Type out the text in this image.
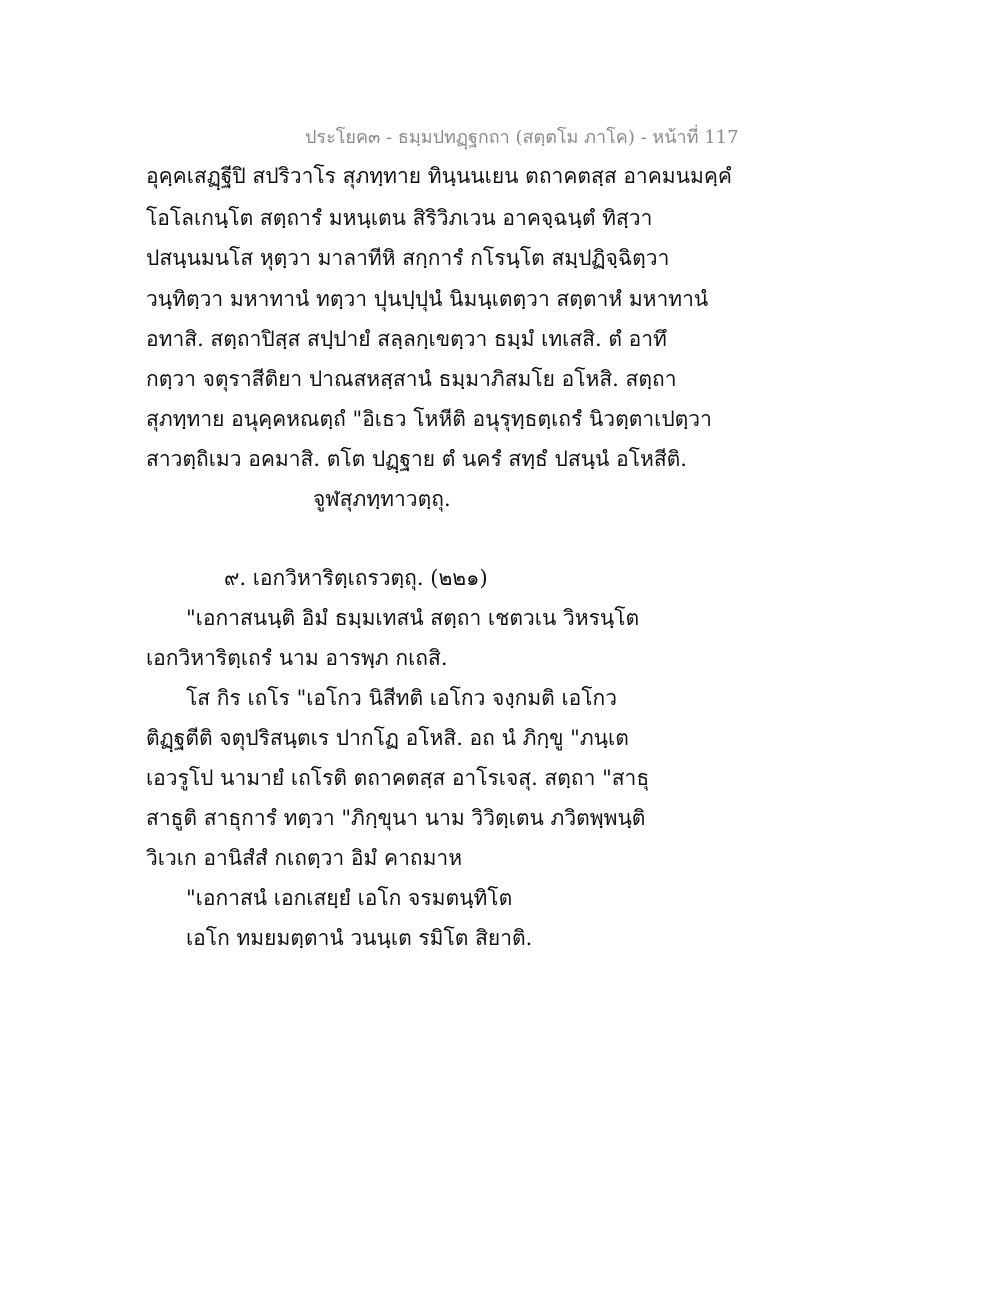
ประโยค๓ - ธมฺมปทฏฺฐกถา (สตฺตโม ภาโค) - หน้าที่ 117
อุคฺคเสฏฺฐีปิ สปริวาโร สุภทฺทาย ทินฺนนเยน ตถาคตสฺส อาคมนมคฺคํ
โอโลเกนฺโต สตฺถารํ มหนฺเตน สิริวิภเวน อาคจฺฉนฺตํ ทิสฺวา
ปสนฺนมนโส หุตฺวา มาลาทีหิ สกฺการํ กโรนฺโต สมฺปฏิจฺฉิตฺวา
วนฺทิตฺวา มหาทานํ ทตฺวา ปุนปฺปุนํ นิมนฺเตตฺวา สตฺตาหํ มหาทานํ
อทาสิ. สตฺถาปิสฺส สปฺปายํ สลฺลกฺเขตฺวา ธมฺมํ เทเสสิ. ตํ อาทึ
กตฺวา จตุราสีติยา ปาณสหสฺสานํ ธมฺมาภิสมโย อโหสิ. สตฺถา
สุภทฺทาย อนุคฺคหณตฺถํ "อิเธว โหหีติ อนุรุทฺธตฺเถรํ นิวตฺตาเปตฺวา
สาวตฺถิเมว อคมาสิ. ตโต ปฏฺฐาย ตํ นครํ สทฺธํ ปสนฺนํ อโหสีติ.
จูฬสุภทฺทาวตฺถุ.
๙. เอกวิหาริตฺเถรวตฺถุ. (๒๒๑)
"เอกาสนนฺติ อิมํ ธมฺมเทสนํ สตฺถา เชตวเน วิหรนฺโต
เอกวิหาริตฺเถรํ นาม อารพฺภ กเถสิ.
โส กิร เถโร "เอโกว นิสีทติ เอโกว จงฺกมติ เอโกว
ติฏฺฐตีติ จตุปริสนฺตเร ปากโฏ อโหสิ. อถ นํ ภิกฺขู "ภนฺเต
เอวรูโป นามายํ เถโรติ ตถาคตสฺส อาโรเจสุ. สตฺถา "สาธุ
สาธูติ สาธุการํ ทตฺวา "ภิกฺขุนา นาม วิวิตฺเตน ภวิตพฺพนฺติ
วิเวเก อานิสํสํ กเถตฺวา อิมํ คาถมาห
"เอกาสนํ เอกเสยฺยํ เอโก จรมตนฺทิโต
เอโก ทมยมตฺตานํ วนนฺเต รมิโต สิยาติ.
